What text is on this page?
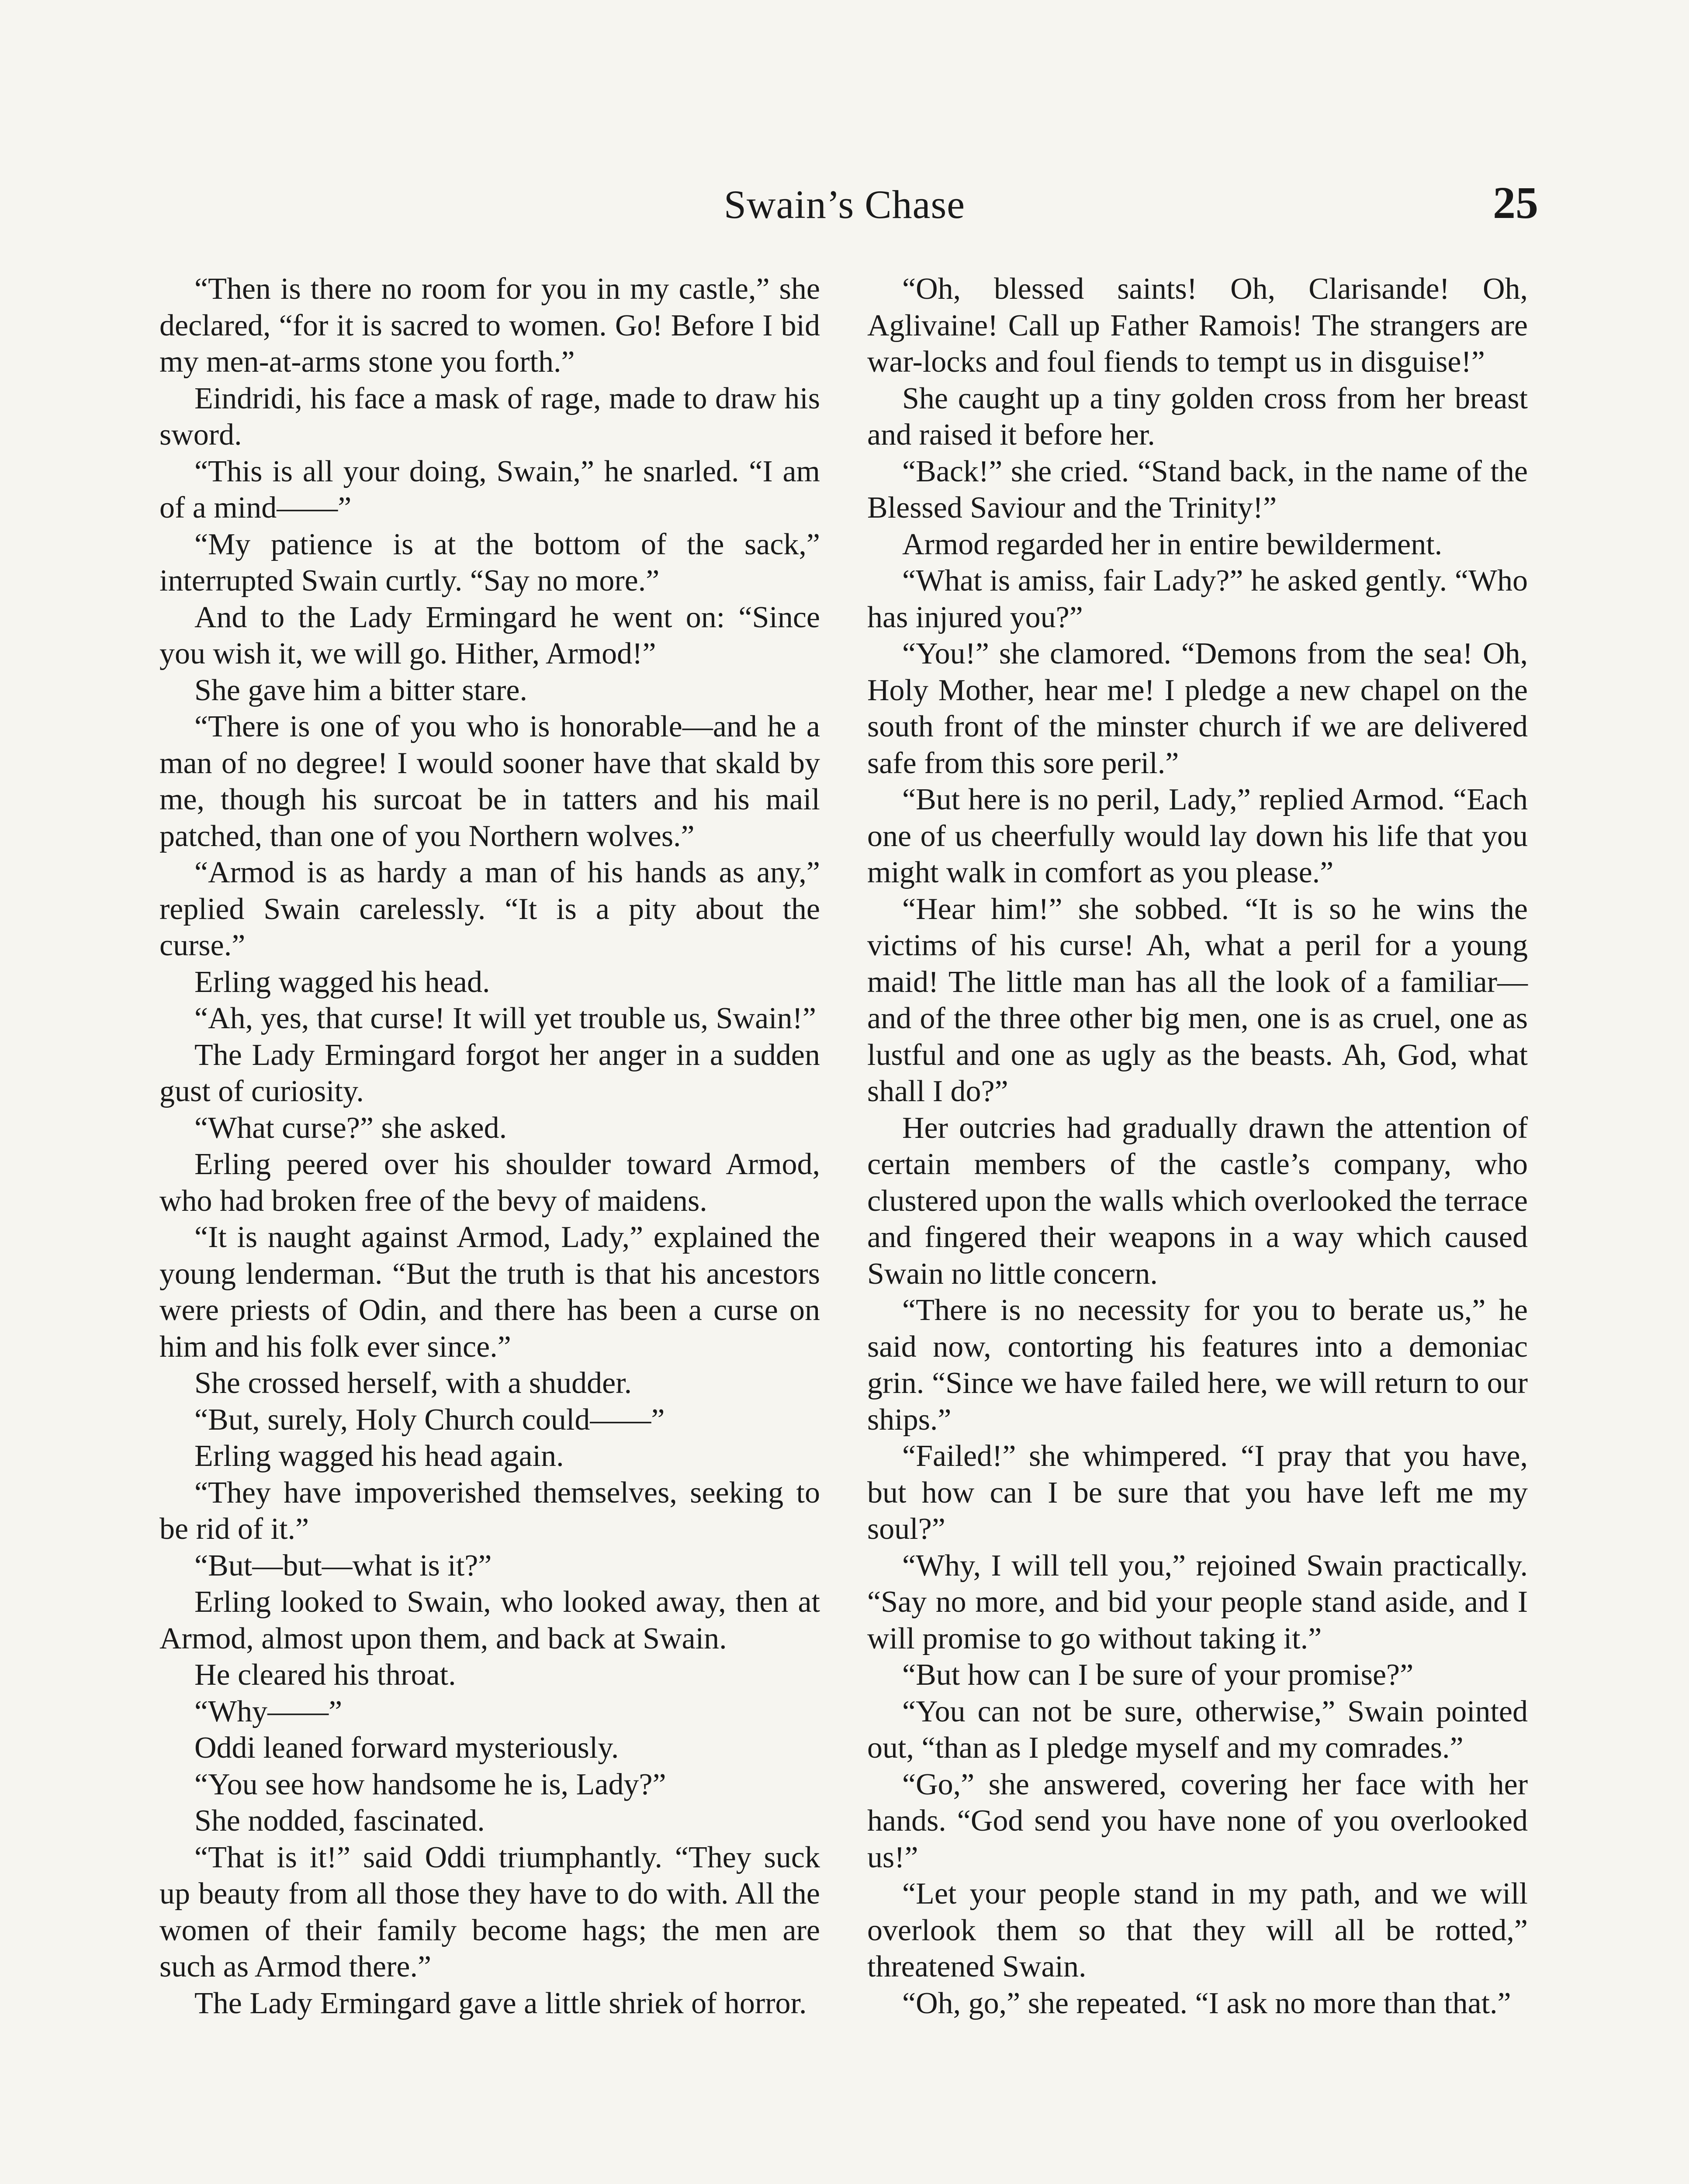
Swain’s Chase	25

“Then is there no room for you in my castle,” she declared, “for it is sacred to women. Go! Before I bid my men-at-arms stone you forth.”

Eindridi, his face a mask of rage, made to draw his sword.

“This is all your doing, Swain,” he snarled. “I am of a mind——”

“My patience is at the bottom of the sack,” interrupted Swain curtly. “Say no more.”

And to the Lady Ermingard he went on: “Since you wish it, we will go. Hither, Armod!”

She gave him a bitter stare.

“There is one of you who is honorable—and he a man of no degree! I would sooner have that skald by me, though his surcoat be in tatters and his mail patched, than one of you Northern wolves.”

“Armod is as hardy a man of his hands as any,” replied Swain carelessly. “It is a pity about the curse.”

Erling wagged his head.

“Ah, yes, that curse! It will yet trouble us, Swain!”

The Lady Ermingard forgot her anger in a sudden gust of curiosity.

“What curse?” she asked.

Erling peered over his shoulder toward Armod, who had broken free of the bevy of maidens.

“It is naught against Armod, Lady,” explained the young lenderman. “But the truth is that his ancestors were priests of Odin, and there has been a curse on him and his folk ever since.”

She crossed herself, with a shudder.

“But, surely, Holy Church could——”

Erling wagged his head again.

“They have impoverished themselves, seeking to be rid of it.”

“But—but—what is it?”

Erling looked to Swain, who looked away, then at Armod, almost upon them, and back at Swain.

He cleared his throat.

“Why——”

Oddi leaned forward mysteriously.

“You see how handsome he is, Lady?”

She nodded, fascinated.

“That is it!” said Oddi triumphantly. “They suck up beauty from all those they have to do with. All the women of their family become hags; the men are such as Armod there.”

The Lady Ermingard gave a little shriek of horror.

“Oh, blessed saints! Oh, Clarisande! Oh, Aglivaine! Call up Father Ramois! The strangers are war-locks and foul fiends to tempt us in disguise!”

She caught up a tiny golden cross from her breast and raised it before her.

“Back!” she cried. “Stand back, in the name of the Blessed Saviour and the Trinity!”

Armod regarded her in entire bewilderment.

“What is amiss, fair Lady?” he asked gently. “Who has injured you?”

“You!” she clamored. “Demons from the sea! Oh, Holy Mother, hear me! I pledge a new chapel on the south front of the minster church if we are delivered safe from this sore peril.”

“But here is no peril, Lady,” replied Armod. “Each one of us cheerfully would lay down his life that you might walk in comfort as you please.”

“Hear him!” she sobbed. “It is so he wins the victims of his curse! Ah, what a peril for a young maid! The little man has all the look of a familiar—and of the three other big men, one is as cruel, one as lustful and one as ugly as the beasts. Ah, God, what shall I do?”

Her outcries had gradually drawn the attention of certain members of the castle’s company, who clustered upon the walls which overlooked the terrace and fingered their weapons in a way which caused Swain no little concern.

“There is no necessity for you to berate us,” he said now, contorting his features into a demoniac grin. “Since we have failed here, we will return to our ships.”

“Failed!” she whimpered. “I pray that you have, but how can I be sure that you have left me my soul?”

“Why, I will tell you,” rejoined Swain practically. “Say no more, and bid your people stand aside, and I will promise to go without taking it.”

“But how can I be sure of your promise?”

“You can not be sure, otherwise,” Swain pointed out, “than as I pledge myself and my comrades.”

“Go,” she answered, covering her face with her hands. “God send you have none of you overlooked us!”

“Let your people stand in my path, and we will overlook them so that they will all be rotted,” threatened Swain.

“Oh, go,” she repeated. “I ask no more than that.”
